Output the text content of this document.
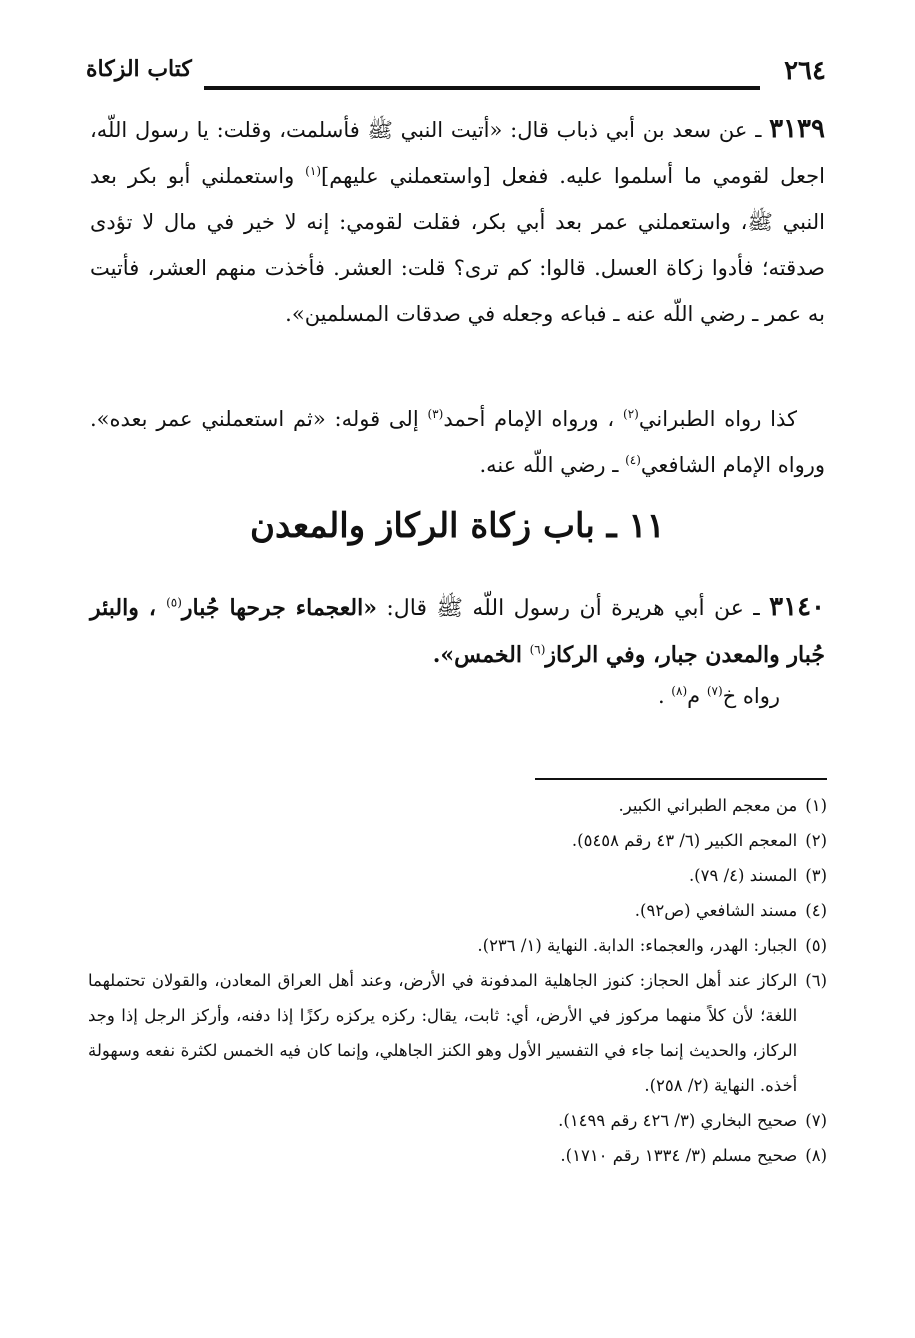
٢٦٤
كتاب الزكاة
٣١٣٩ ـ عن سعد بن أبي ذباب قال: «أتيت النبي ﷺ فأسلمت، وقلت: يا رسول اللّه، اجعل لقومي ما أسلموا عليه. ففعل [واستعملني عليهم]$^{(١)}$ واستعملني أبو بكر بعد النبي ﷺ، واستعملني عمر بعد أبي بكر، فقلت لقومي: إنه لا خير في مال لا تؤدى صدقته؛ فأدوا زكاة العسل. قالوا: كم ترى؟ قلت: العشر. فأخذت منهم العشر، فأتيت به عمر ـ رضي اللّه عنه ـ فباعه وجعله في صدقات المسلمين».
كذا رواه الطبراني$^{(٢)}$ ، ورواه الإمام أحمد$^{(٣)}$ إلى قوله: «ثم استعملني عمر بعده». ورواه الإمام الشافعي$^{(٤)}$ ـ رضي اللّه عنه.
١١ ـ باب زكاة الركاز والمعدن
٣١٤٠ ـ عن أبي هريرة أن رسول اللّه ﷺ قال: «العجماء جرحها جُبار$^{(٥)}$ ، والبئر جُبار والمعدن جبار، وفي الركاز$^{(٦)}$ الخمس».
رواه خ$^{(٧)}$ م$^{(٨)}$ .
(١)
من معجم الطبراني الكبير.
(٢)
المعجم الكبير (٦/ ٤٣ رقم ٥٤٥٨).
(٣)
المسند (٤/ ٧٩).
(٤)
مسند الشافعي (ص٩٢).
(٥)
الجبار: الهدر، والعجماء: الدابة. النهاية (١/ ٢٣٦).
(٦)
الركاز عند أهل الحجاز: كنوز الجاهلية المدفونة في الأرض، وعند أهل العراق المعادن، والقولان تحتملهما اللغة؛ لأن كلاً منهما مركوز في الأرض، أي: ثابت، يقال: ركزه يركزه ركزًا إذا دفنه، وأركز الرجل إذا وجد الركاز، والحديث إنما جاء في التفسير الأول وهو الكنز الجاهلي، وإنما كان فيه الخمس لكثرة نفعه وسهولة أخذه. النهاية (٢/ ٢٥٨).
(٧)
صحيح البخاري (٣/ ٤٢٦ رقم ١٤٩٩).
(٨)
صحيح مسلم (٣/ ١٣٣٤ رقم ١٧١٠).
